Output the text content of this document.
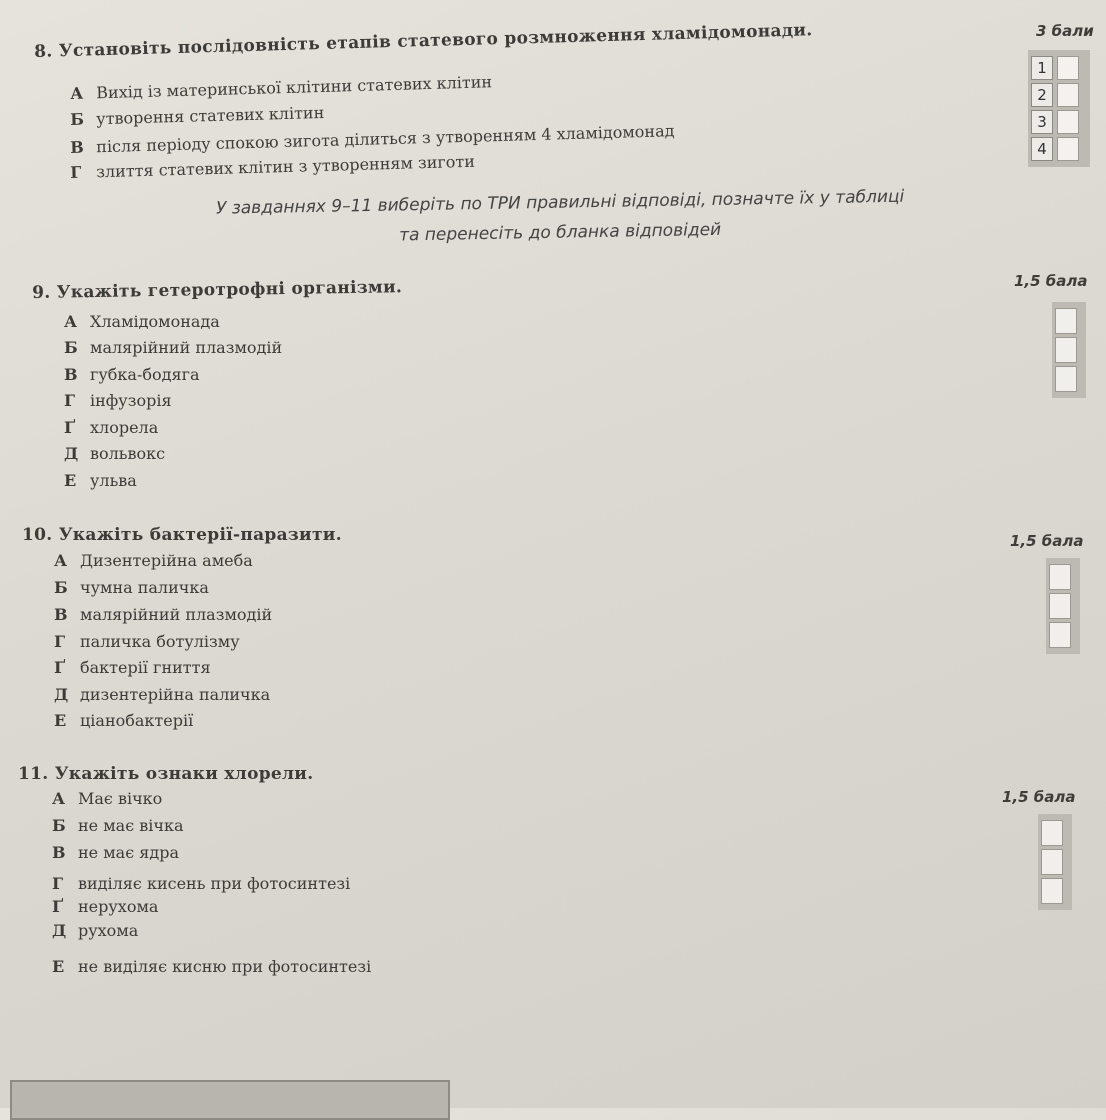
8. Установіть послідовність етапів статевого розмноження хламідомонади.	3 бали
А Вихід із материнської клітини статевих клітин
Б утворення статевих клітин
В після періоду спокою зигота ділиться з утворенням 4 хламідомонад
Г злиття статевих клітин з утворенням зиготи
1
2
3
4
У завданнях 9–11 виберіть по ТРИ правильні відповіді, позначте їх у таблиці
та перенесіть до бланка відповідей
9. Укажіть гетеротрофні організми.	1,5 бала
А Хламідомонада
Б малярійний плазмодій
В губка-бодяга
Г інфузорія
Ґ хлорела
Д вольвокс
Е ульва
10. Укажіть бактерії-паразити.	1,5 бала
А Дизентерійна амеба
Б чумна паличка
В малярійний плазмодій
Г паличка ботулізму
Ґ бактерії гниття
Д дизентерійна паличка
Е ціанобактерії
11. Укажіть ознаки хлорели.
1,5 бала
А Має вічко
Б не має вічка
В не має ядра
Г виділяє кисень при фотосинтезі
Ґ нерухома
Д рухома
Е не виділяє кисню при фотосинтезі
